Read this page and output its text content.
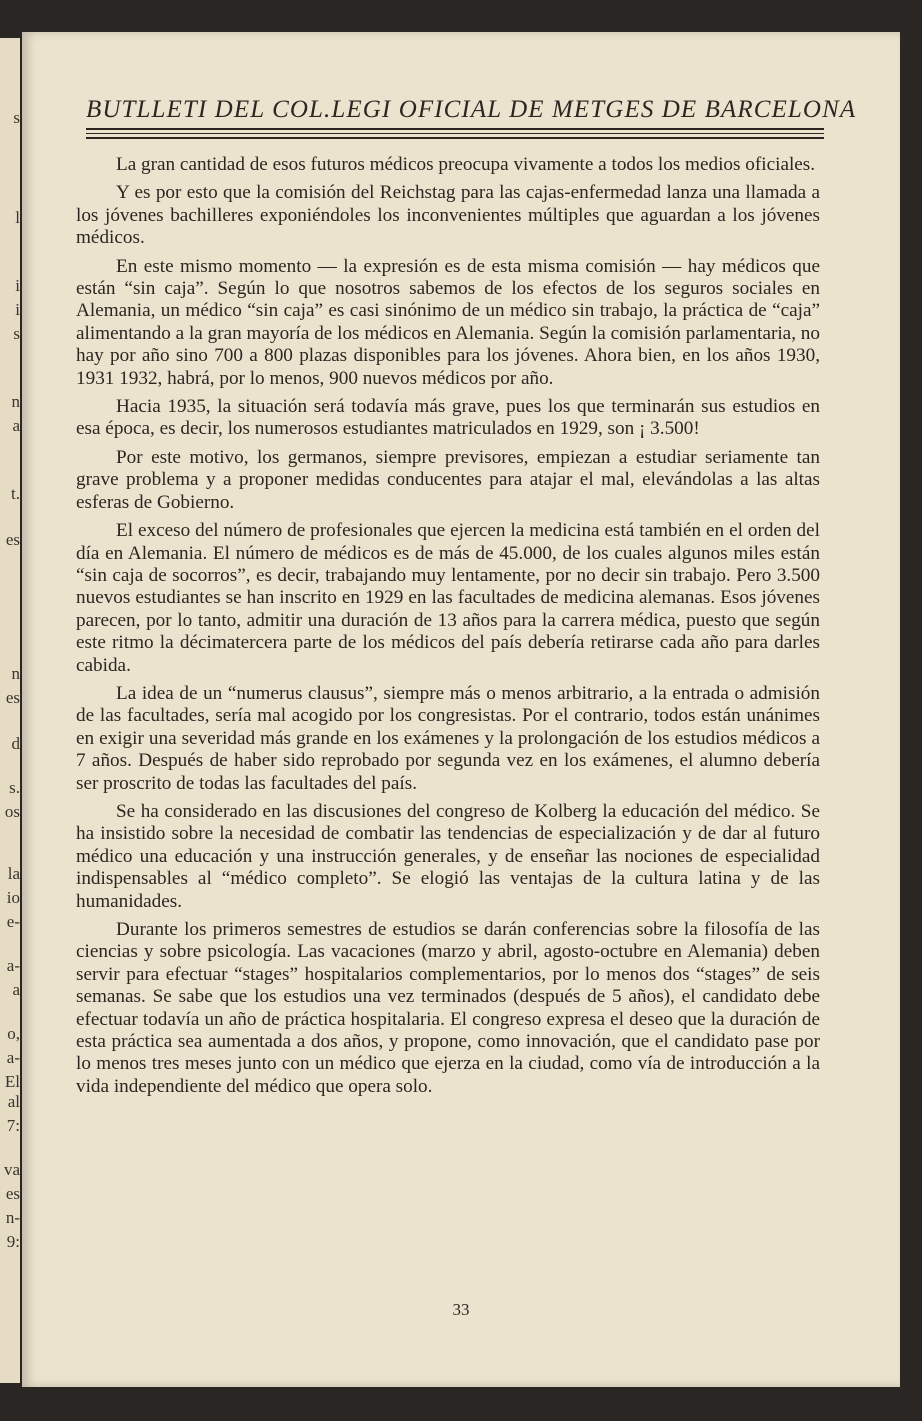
s
l
i
i
s
n
a
t.
es
n
es
d
s.
os
la
io
e-
a-
a
o,
a-
El
al
7:
va
es
n-
9:
BUTLLETI DEL COL.LEGI OFICIAL DE METGES DE BARCELONA

La gran cantidad de esos futuros médicos preocupa vivamente a todos los medios oficiales.

Y es por esto que la comisión del Reichstag para las cajas-enfermedad lanza una llamada a los jóvenes bachilleres exponiéndoles los inconvenientes múltiples que aguardan a los jóvenes médicos.

En este mismo momento — la expresión es de esta misma comisión — hay médicos que están “sin caja”. Según lo que nosotros sabemos de los efectos de los seguros sociales en Alemania, un médico “sin caja” es casi sinónimo de un médico sin trabajo, la práctica de “caja” alimentando a la gran mayoría de los médicos en Alemania. Según la comisión parlamentaria, no hay por año sino 700 a 800 plazas disponibles para los jóvenes. Ahora bien, en los años 1930, 1931 1932, habrá, por lo menos, 900 nuevos médicos por año.

Hacia 1935, la situación será todavía más grave, pues los que terminarán sus estudios en esa época, es decir, los numerosos estudiantes matriculados en 1929, son ¡ 3.500!

Por este motivo, los germanos, siempre previsores, empiezan a estudiar seriamente tan grave problema y a proponer medidas conducentes para atajar el mal, elevándolas a las altas esferas de Gobierno.

El exceso del número de profesionales que ejercen la medicina está también en el orden del día en Alemania. El número de médicos es de más de 45.000, de los cuales algunos miles están “sin caja de socorros”, es decir, trabajando muy lentamente, por no decir sin trabajo. Pero 3.500 nuevos estudiantes se han inscrito en 1929 en las facultades de medicina alemanas. Esos jóvenes parecen, por lo tanto, admitir una duración de 13 años para la carrera médica, puesto que según este ritmo la décimatercera parte de los médicos del país debería retirarse cada año para darles cabida.

La idea de un “numerus clausus”, siempre más o menos arbitrario, a la entrada o admisión de las facultades, sería mal acogido por los congresistas. Por el contrario, todos están unánimes en exigir una severidad más grande en los exámenes y la prolongación de los estudios médicos a 7 años. Después de haber sido reprobado por segunda vez en los exámenes, el alumno debería ser proscrito de todas las facultades del país.

Se ha considerado en las discusiones del congreso de Kolberg la educación del médico. Se ha insistido sobre la necesidad de combatir las tendencias de especialización y de dar al futuro médico una educación y una instrucción generales, y de enseñar las nociones de especialidad indispensables al “médico completo”. Se elogió las ventajas de la cultura latina y de las humanidades.

Durante los primeros semestres de estudios se darán conferencias sobre la filosofía de las ciencias y sobre psicología. Las vacaciones (marzo y abril, agosto-octubre en Alemania) deben servir para efectuar “stages” hospitalarios complementarios, por lo menos dos “stages” de seis semanas. Se sabe que los estudios una vez terminados (después de 5 años), el candidato debe efectuar todavía un año de práctica hospitalaria. El congreso expresa el deseo que la duración de esta práctica sea aumentada a dos años, y propone, como innovación, que el candidato pase por lo menos tres meses junto con un médico que ejerza en la ciudad, como vía de introducción a la vida independiente del médico que opera solo.

33
